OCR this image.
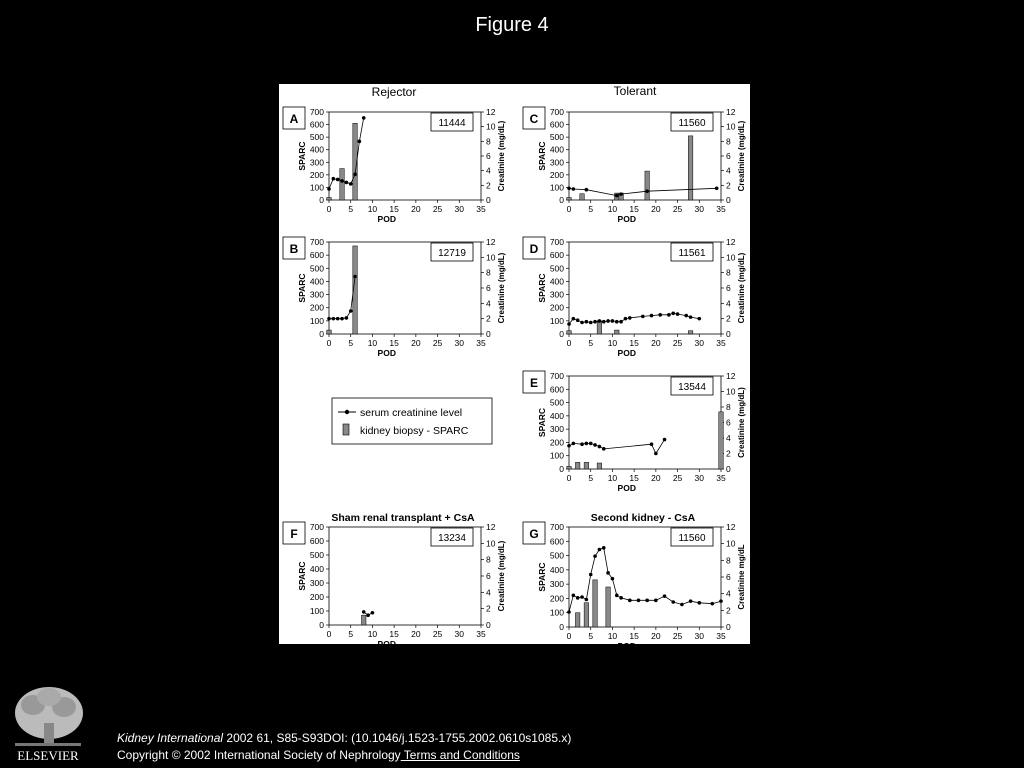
Figure 4
Rejector	Tolerant
serum creatinine level
kidney biopsy - SPARC
A
0
100
200
300
400
500
600
700
0
2
4
6
8
10
12
0 5 10 15 20 25 30 35
POD
SPARC	Creatinine (mg/dL)
11444
B
0
100
200
300
400
500
600
700
0
2
4
6
8
10
12
0 5 10 15 20 25 30 35
POD
SPARC	Creatinine (mg/dL)
12719
C
0
100
200
300
400
500
600
700
0
2
4
6
8
10
12
0 5 10 15 20 25 30 35
POD
SPARC	Creatinine (mg/dL)
11560
D
0
100
200
300
400
500
600
700
0
2
4
6
8
10
12
0 5 10 15 20 25 30 35
POD
SPARC	Creatinine (mg/dL)
11561
E
0
100
200
300
400
500
600
700
0
2
4
6
8
10
12
0 5 10 15 20 25 30 35
POD
SPARC	Creatinine (mg/dL)
13544
F
0
100
200
300
400
500
600
700
0
2
4
6
8
10
12
0 5 10 15 20 25 30 35
POD
SPARC	Creatinine (mg/dL)
13234
Sham renal transplant + CsA
G
0
100
200
300
400
500
600
700
0
2
4
6
8
10
12
0 5 10 15 20 25 30 35
POD
SPARC	Creatinine mg/dL
11560
Second kidney - CsA
ELSEVIER
Kidney International 2002 61, S85-S93DOI: (10.1046/j.1523-1755.2002.0610s1085.x)
Copyright © 2002 International Society of Nephrology Terms and Conditions
